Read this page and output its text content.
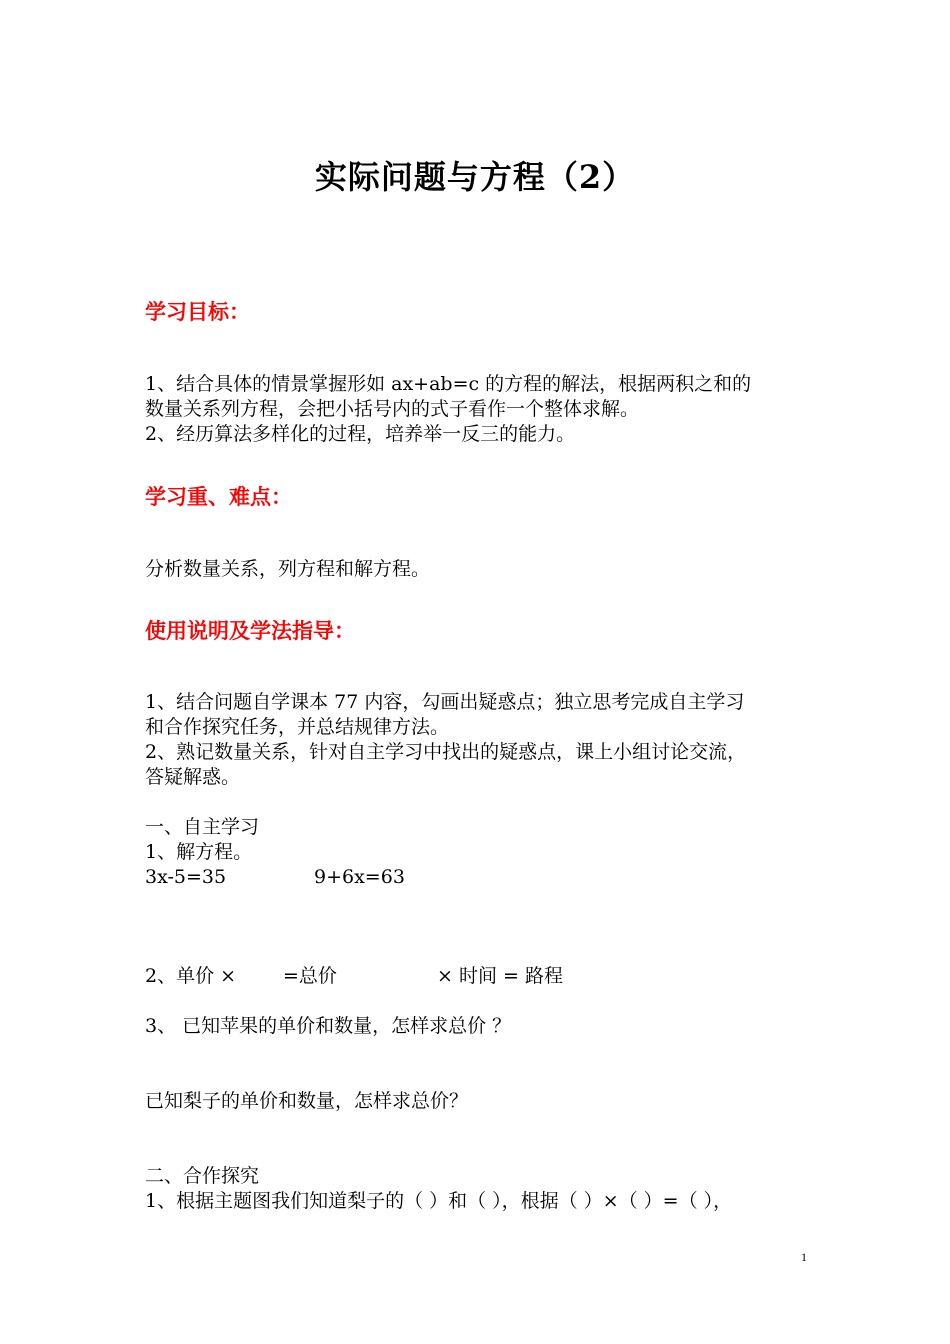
实际问题与方程（2）
学习目标：
1、结合具体的情景掌握形如 ax+ab=c 的方程的解法，根据两积之和的
数量关系列方程，会把小括号内的式子看作一个整体求解。
2、经历算法多样化的过程，培养举一反三的能力。
学习重、难点：
分析数量关系，列方程和解方程。
使用说明及学法指导：
1、结合问题自学课本 77 内容，勾画出疑惑点；独立思考完成自主学习
和合作探究任务，并总结规律方法。
2、熟记数量关系，针对自主学习中找出的疑惑点，课上小组讨论交流，
答疑解惑。
一、自主学习
1、解方程。
3x-5=35	9+6x=63
2、单价 × =总价	× 时间 = 路程
3、 已知苹果的单价和数量，怎样求总价 ？
已知梨子的单价和数量，怎样求总价？
二、合作探究
1、根据主题图我们知道梨子的（ ）和（ ），根据（ ）×（ ）=（ ），
1
